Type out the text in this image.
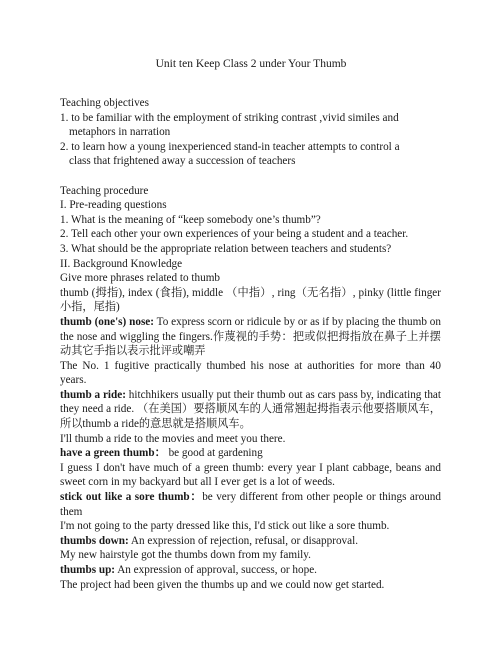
Unit ten Keep Class 2 under Your Thumb

Teaching objectives

1. to be familiar with the employment of striking contrast ,vivid similes and

metaphors in narration

2. to learn how a young inexperienced stand-in teacher attempts to control a

class that frightened away a succession of teachers

Teaching procedure

I. Pre-reading questions

1. What is the meaning of “keep somebody one’s thumb”?

2. Tell each other your own experiences of your being a student and a teacher.

3. What should be the appropriate relation between teachers and students?

II. Background Knowledge

Give more phrases related to thumb

thumb (拇指), index (食指), middle （中指）, ring（无名指）, pinky (little finger 小指，尾指)

thumb (one's) nose: To express scorn or ridicule by or as if by placing the thumb on the nose and wiggling the fingers.作蔑视的手势：把或似把拇指放在鼻子上并摆动其它手指以表示批评或嘲弄

The No. 1 fugitive practically thumbed his nose at authorities for more than 40 years.

thumb a ride: hitchhikers usually put their thumb out as cars pass by, indicating that they need a ride. （在美国）要搭顺风车的人通常翘起拇指表示他要搭顺风车，所以thumb a ride的意思就是搭顺风车。

I'll thumb a ride to the movies and meet you there.

have a green thumb： be good at gardening

I guess I don't have much of a green thumb: every year I plant cabbage, beans and sweet corn in my backyard but all I ever get is a lot of weeds.

stick out like a sore thumb：be very different from other people or things around them

I'm not going to the party dressed like this, I'd stick out like a sore thumb.

thumbs down: An expression of rejection, refusal, or disapproval.

My new hairstyle got the thumbs down from my family.

thumbs up: An expression of approval, success, or hope.

The project had been given the thumbs up and we could now get started.
